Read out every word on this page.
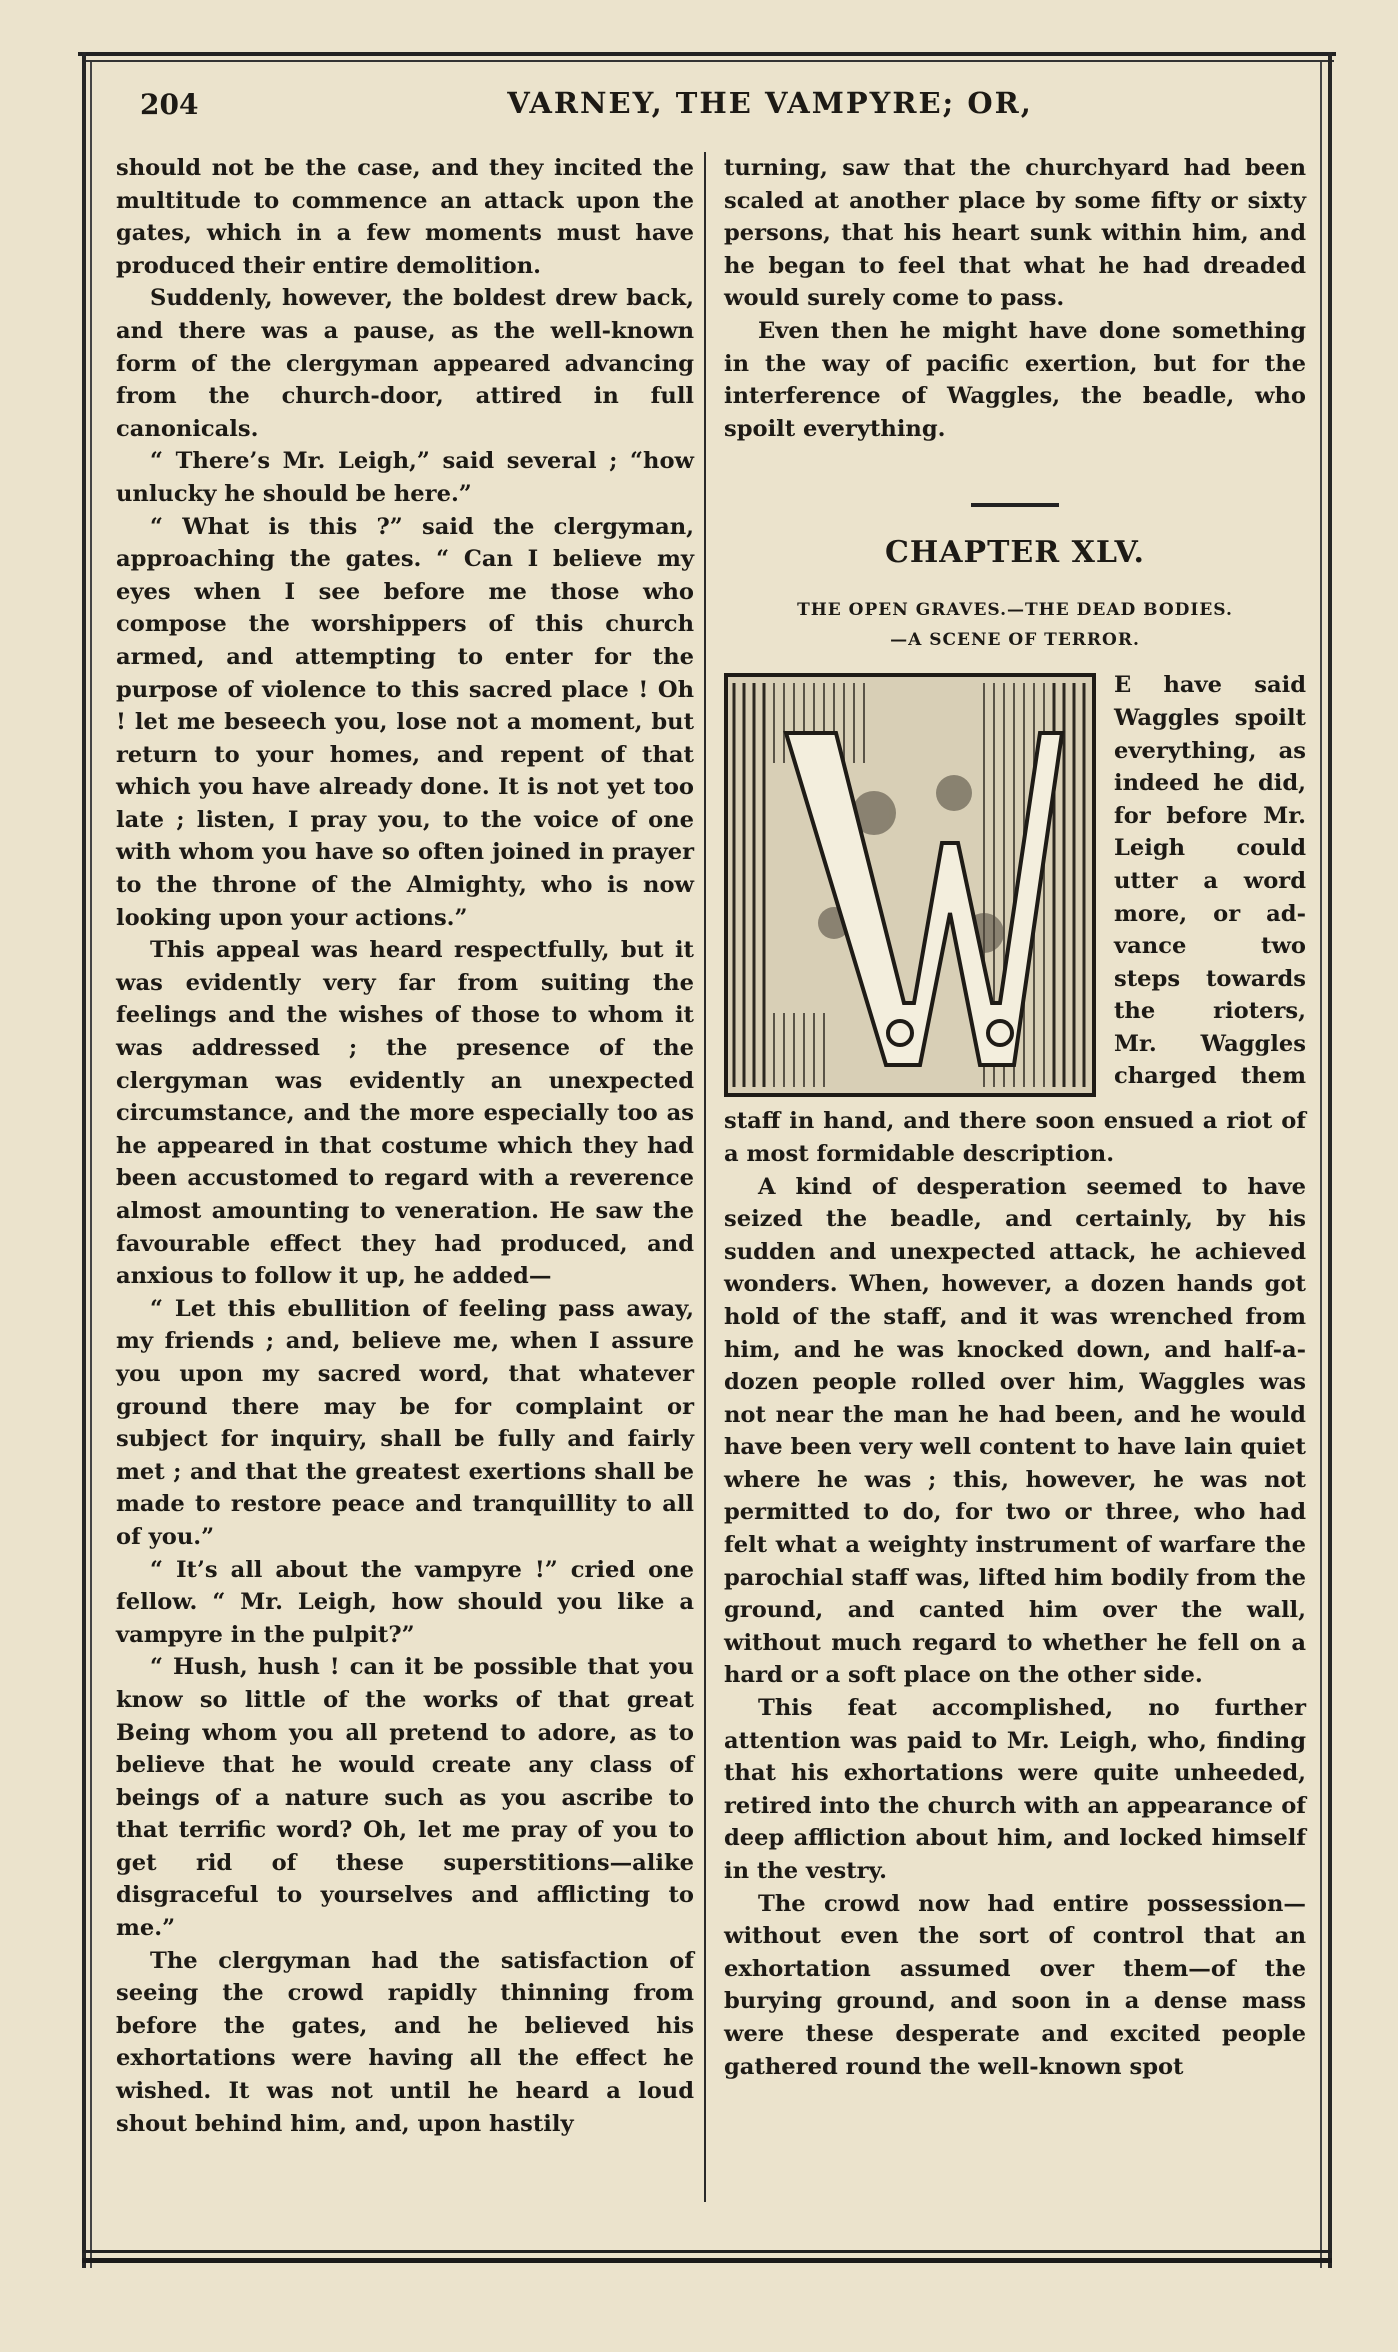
204	VARNEY, THE VAMPYRE; OR,

should not be the case, and they incited the multitude to commence an attack upon the gates, which in a few moments must have produced their entire demolition.

Suddenly, however, the boldest drew back, and there was a pause, as the well-known form of the clergyman appeared advancing from the church-door, attired in full canonicals.

“ There’s Mr. Leigh,” said several ; “how unlucky he should be here.”

“ What is this ?” said the clergyman, approaching the gates. “ Can I believe my eyes when I see before me those who compose the worshippers of this church armed, and attempting to enter for the purpose of violence to this sacred place ! Oh ! let me beseech you, lose not a moment, but return to your homes, and repent of that which you have already done. It is not yet too late ; listen, I pray you, to the voice of one with whom you have so often joined in prayer to the throne of the Almighty, who is now looking upon your actions.”

This appeal was heard respectfully, but it was evidently very far from suiting the feelings and the wishes of those to whom it was addressed ; the presence of the clergyman was evidently an unexpected circumstance, and the more especially too as he appeared in that costume which they had been accustomed to regard with a reverence almost amounting to veneration. He saw the favourable effect they had produced, and anxious to follow it up, he added—

“ Let this ebullition of feeling pass away, my friends ; and, believe me, when I assure you upon my sacred word, that whatever ground there may be for complaint or subject for inquiry, shall be fully and fairly met ; and that the greatest exertions shall be made to restore peace and tranquillity to all of you.”

“ It’s all about the vampyre !” cried one fellow. “ Mr. Leigh, how should you like a vampyre in the pulpit?”

“ Hush, hush ! can it be possible that you know so little of the works of that great Being whom you all pretend to adore, as to believe that he would create any class of beings of a nature such as you ascribe to that terrific word? Oh, let me pray of you to get rid of these superstitions—alike disgraceful to yourselves and afflicting to me.”

The clergyman had the satisfaction of seeing the crowd rapidly thinning from before the gates, and he believed his exhortations were having all the effect he wished. It was not until he heard a loud shout behind him, and, upon hastily

turning, saw that the churchyard had been scaled at another place by some fifty or sixty persons, that his heart sunk within him, and he began to feel that what he had dreaded would surely come to pass.

Even then he might have done something in the way of pacific exertion, but for the interference of Waggles, the beadle, who spoilt everything.

CHAPTER XLV.
THE OPEN GRAVES.—THE DEAD BODIES.
—A SCENE OF TERROR.
E have said
Waggles spoilt
everything, as
indeed he did,
for before Mr.
Leigh could
utter a word
more, or ad-
vance two
steps towards
the rioters,
Mr. Waggles
charged them

staff in hand, and there soon ensued a riot of a most formidable description.

A kind of desperation seemed to have seized the beadle, and certainly, by his sudden and unexpected attack, he achieved wonders. When, however, a dozen hands got hold of the staff, and it was wrenched from him, and he was knocked down, and half-a-dozen people rolled over him, Waggles was not near the man he had been, and he would have been very well content to have lain quiet where he was ; this, however, he was not permitted to do, for two or three, who had felt what a weighty instrument of warfare the parochial staff was, lifted him bodily from the ground, and canted him over the wall, without much regard to whether he fell on a hard or a soft place on the other side.

This feat accomplished, no further attention was paid to Mr. Leigh, who, finding that his exhortations were quite unheeded, retired into the church with an appearance of deep affliction about him, and locked himself in the vestry.

The crowd now had entire possession—without even the sort of control that an exhortation assumed over them—of the burying ground, and soon in a dense mass were these desperate and excited people gathered round the well-known spot
